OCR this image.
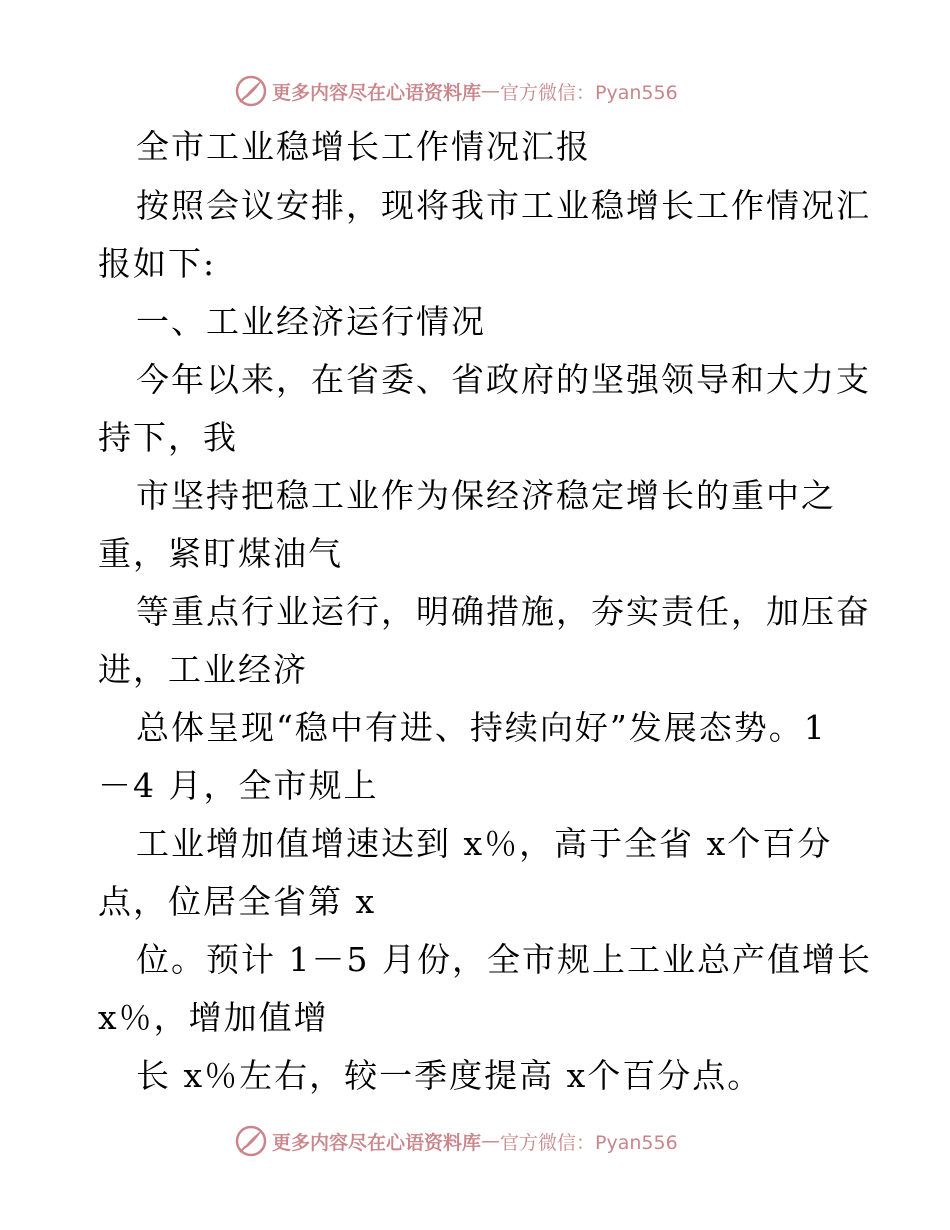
更多内容尽在心语资料库 — 官方微信：Pyan556
全市工业稳增长工作情况汇报
按照会议安排，现将我市工业稳增长工作情况汇
报如下:
一、工业经济运行情况
今年以来，在省委、省政府的坚强领导和大力支
持下，我
市坚持把稳工业作为保经济稳定增长的重中之
重，紧盯煤油气
等重点行业运行，明确措施，夯实责任，加压奋
进，工业经济
总体呈现“稳中有进、持续向好”发展态势。1
－4 月，全市规上
工业增加值增速达到 x％，高于全省 x个百分
点，位居全省第 x
位。预计 1－5 月份，全市规上工业总产值增长
x％，增加值增
长 x％左右，较一季度提高 x个百分点。
更多内容尽在心语资料库 — 官方微信：Pyan556
